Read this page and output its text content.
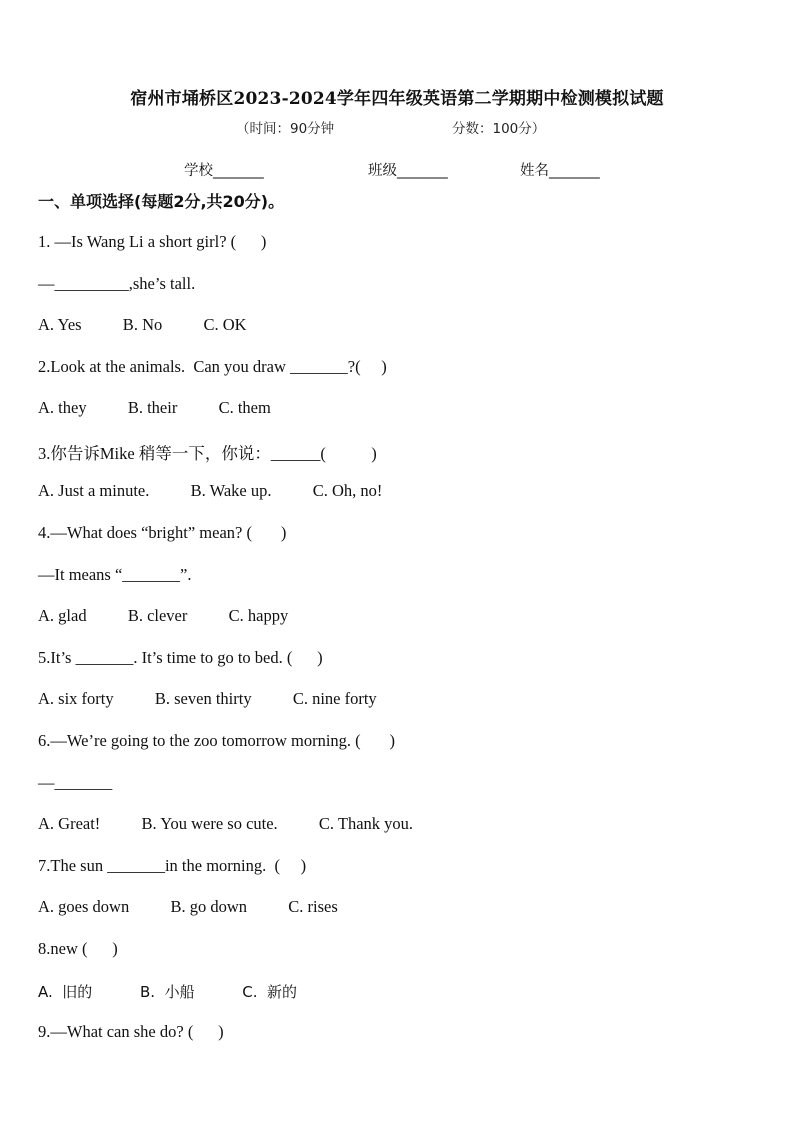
宿州市埇桥区2023-2024学年四年级英语第二学期期中检测模拟试题
（时间：90分钟	分数：100分）
学校_______	班级_______	姓名_______
一、单项选择(每题2分,共20分)。
1. —Is Wang Li a short girl? (      )
—_________,she’s tall.
A. Yes          B. No          C. OK
2.Look at the animals.  Can you draw _______?(     )
A. they          B. their          C. them
3.你告诉Mike 稍等一下，你说：______(           )
A. Just a minute.          B. Wake up.          C. Oh, no!
4.—What does “bright” mean? (       )
—It means “_______”.
A. glad          B. clever          C. happy
5.It’s _______. It’s time to go to bed. (      )
A. six forty          B. seven thirty          C. nine forty
6.—We’re going to the zoo tomorrow morning. (       )
—_______
A. Great!          B. You were so cute.          C. Thank you.
7.The sun _______in the morning.  (     )
A. goes down          B. go down          C. rises
8.new (      )
A.  旧的          B.  小船          C.  新的
9.—What can she do? (      )
